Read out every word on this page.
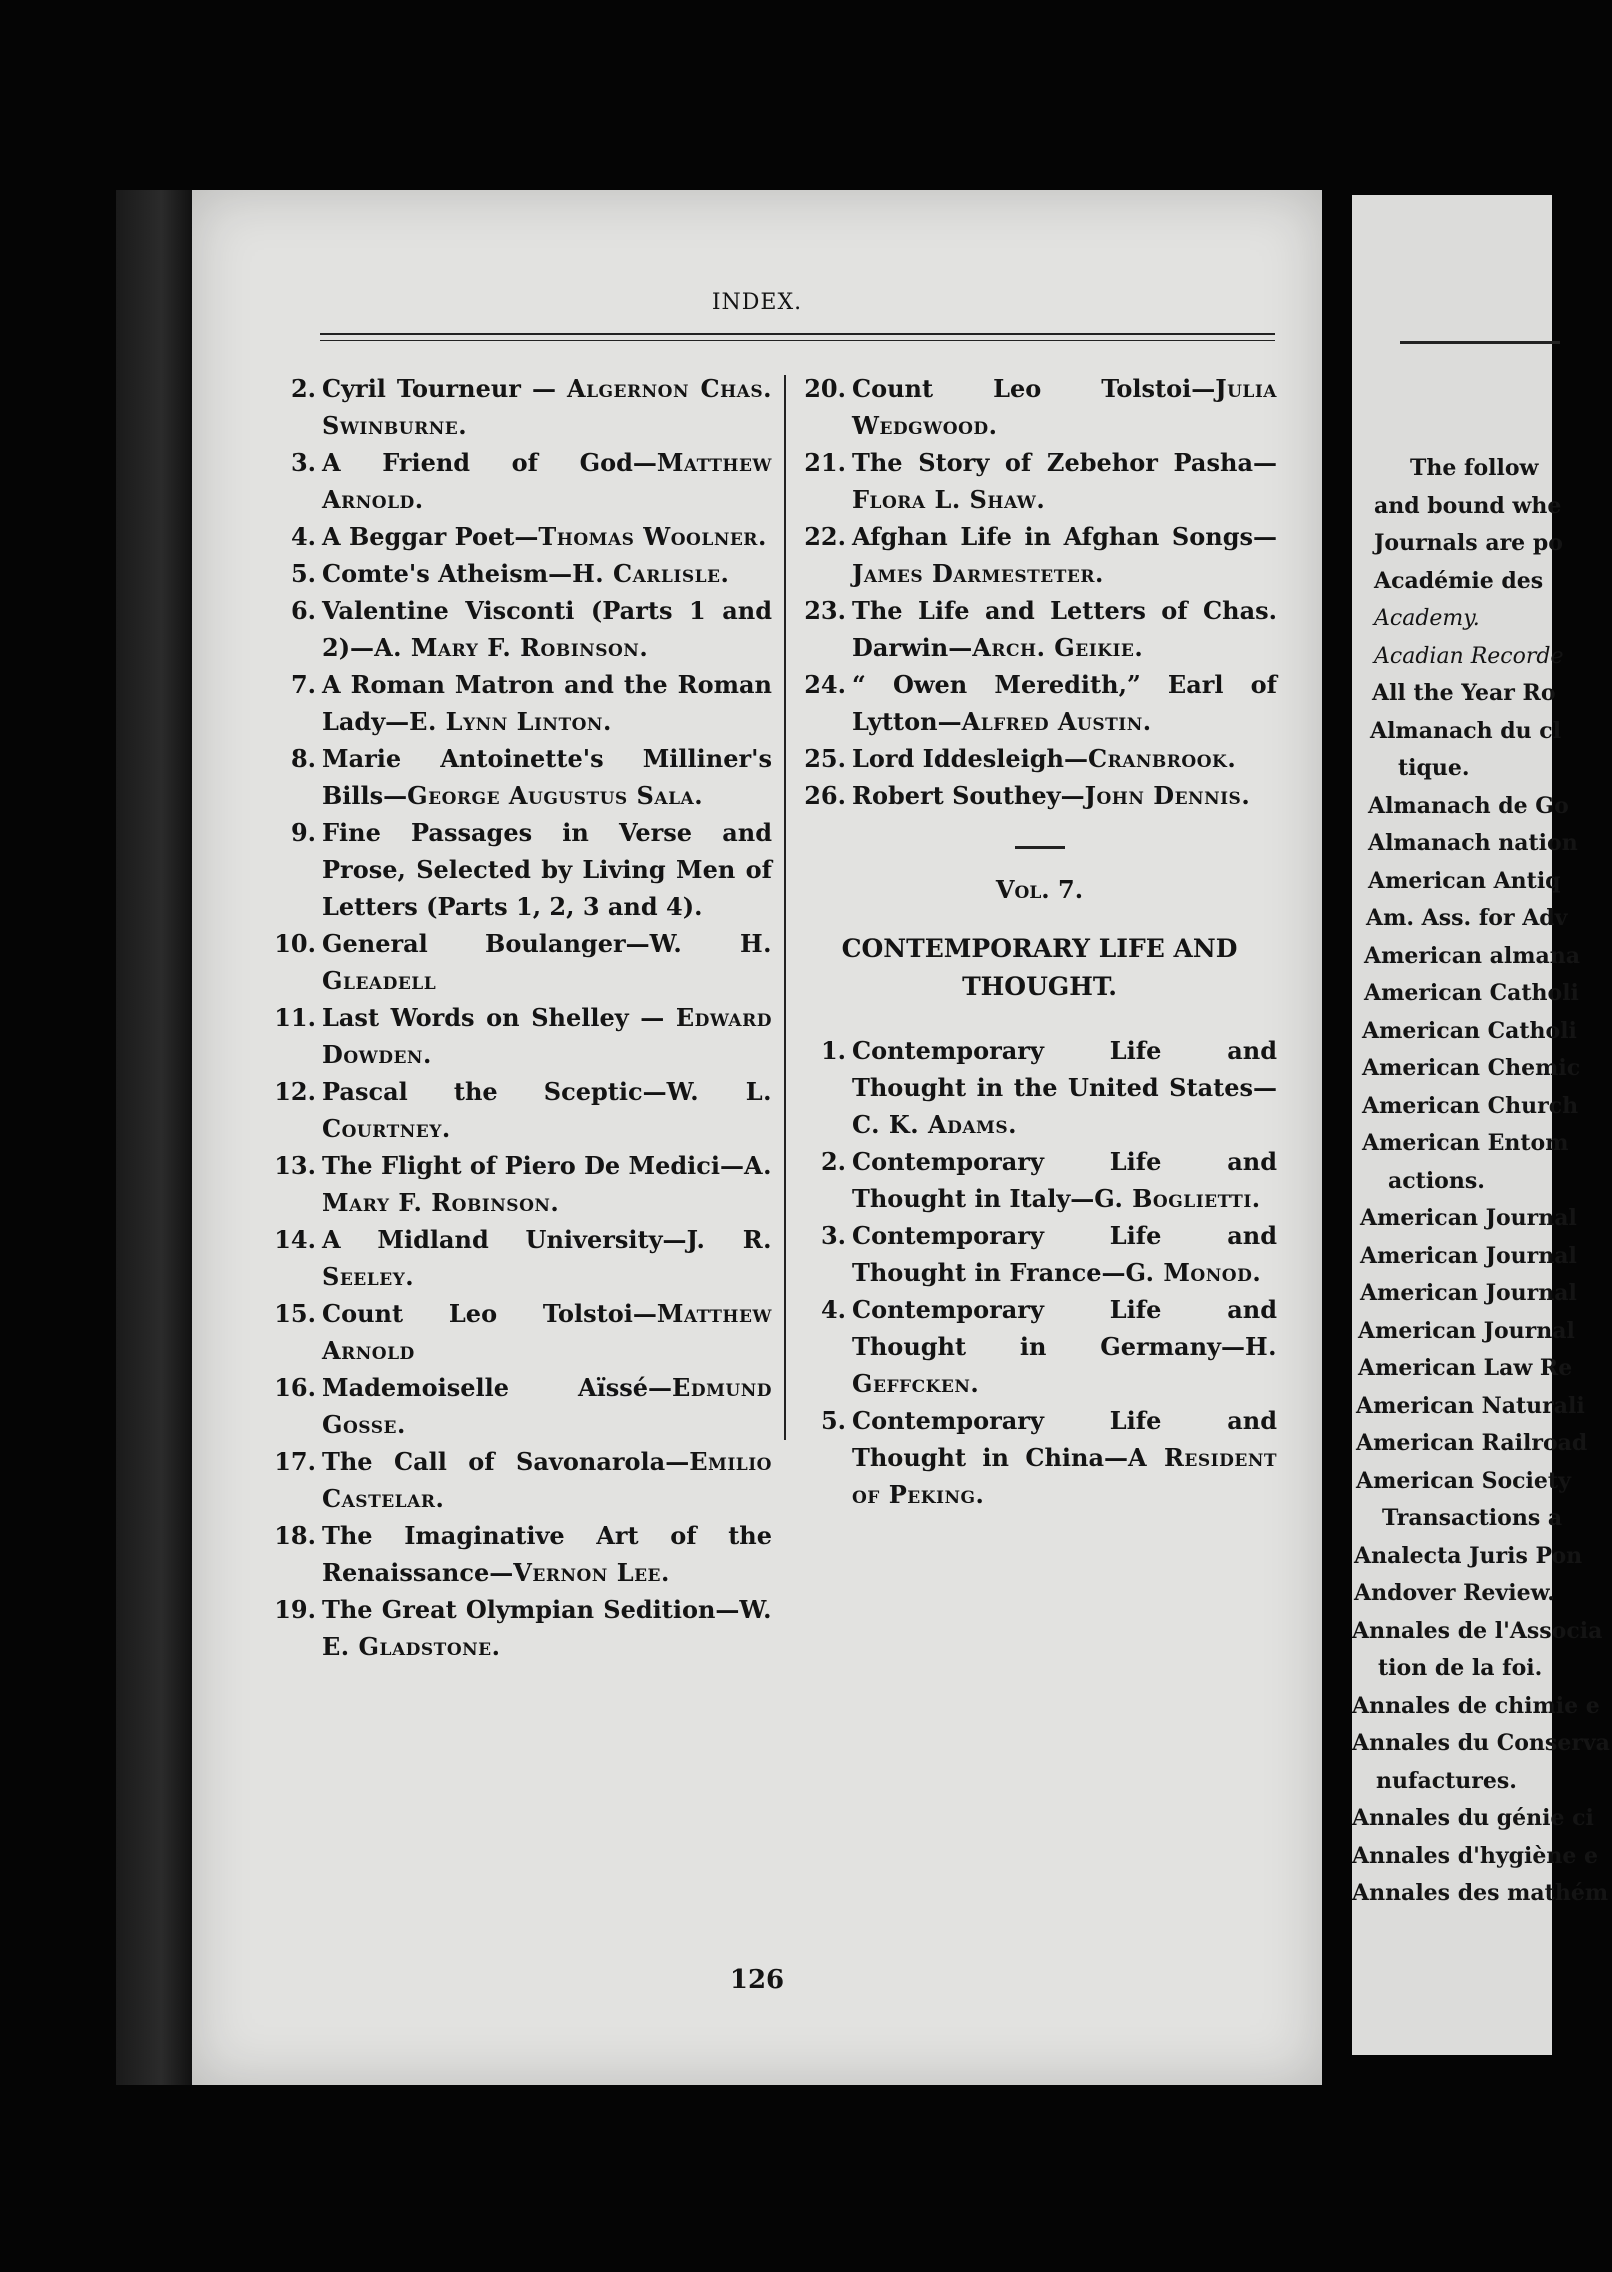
INDEX.
2. Cyril Tourneur — Algernon Chas. Swinburne.
3. A Friend of God—Matthew Arnold.
4. A Beggar Poet—Thomas Woolner.
5. Comte's Atheism—H. Carlisle.
6. Valentine Visconti (Parts 1 and 2)—A. Mary F. Robinson.
7. A Roman Matron and the Roman Lady—E. Lynn Linton.
8. Marie Antoinette's Milliner's Bills—George Augustus Sala.
9. Fine Passages in Verse and Prose, Selected by Living Men of Letters (Parts 1, 2, 3 and 4).
10. General Boulanger—W. H. Gleadell
11. Last Words on Shelley — Edward Dowden.
12. Pascal the Sceptic—W. L. Courtney.
13. The Flight of Piero De Medici—A. Mary F. Robinson.
14. A Midland University—J. R. Seeley.
15. Count Leo Tolstoi—Matthew Arnold
16. Mademoiselle Aïssé—Edmund Gosse.
17. The Call of Savonarola—Emilio Castelar.
18. The Imaginative Art of the Renaissance—Vernon Lee.
19. The Great Olympian Sedition—W. E. Gladstone.
20. Count Leo Tolstoi—Julia Wedgwood.
21. The Story of Zebehor Pasha—Flora L. Shaw.
22. Afghan Life in Afghan Songs—James Darmesteter.
23. The Life and Letters of Chas. Darwin—Arch. Geikie.
24. “ Owen Meredith,” Earl of Lytton—Alfred Austin.
25. Lord Iddesleigh—Cranbrook.
26. Robert Southey—John Dennis.
Vol. 7.
CONTEMPORARY LIFE AND THOUGHT.
1. Contemporary Life and Thought in the United States—C. K. Adams.
2. Contemporary Life and Thought in Italy—G. Boglietti.
3. Contemporary Life and Thought in France—G. Monod.
4. Contemporary Life and Thought in Germany—H. Geffcken.
5. Contemporary Life and Thought in China—A Resident of Peking.
126
The follow
and bound whe
Journals are po
Académie des
Academy.
Acadian Recorde
All the Year Ro
Almanach du cl
tique.
Almanach de Go
Almanach nation
American Antiq
Am. Ass. for Adv
American almana
American Catholi
American Catholi
American Chemic
American Church
American Entom
actions.
American Journal
American Journal
American Journal
American Journal
American Law Re
American Naturali
American Railroad
American Society
Transactions a
Analecta Juris Pon
Andover Review.
Annales de l'Associa
tion de la foi.
Annales de chimie e
Annales du Conserva
nufactures.
Annales du génie ci
Annales d'hygiène e
Annales des mathém
